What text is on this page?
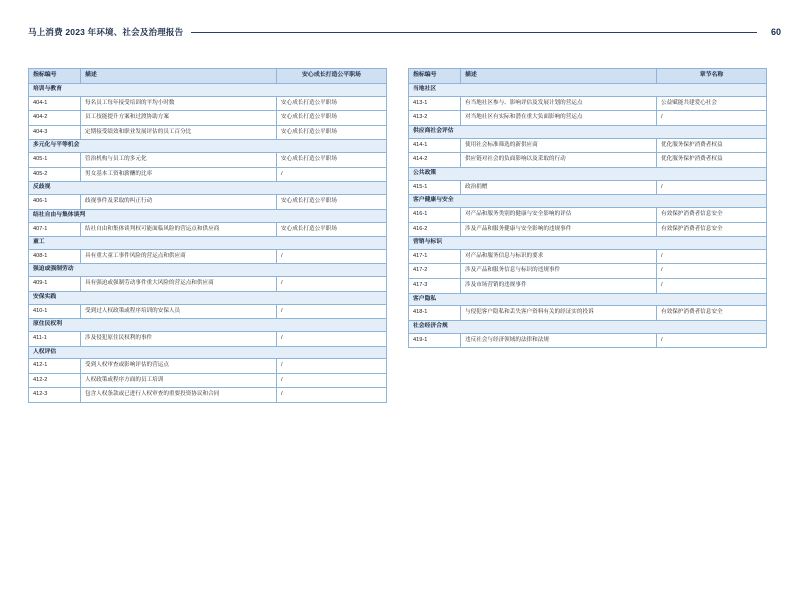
马上消费 2023 年环境、社会及治理报告	60
指标编号	描述	安心成长打造公平职场
培训与教育		
404-1	每名员工每年接受培训的平均小时数	安心成长打造公平职场
404-2	员工技能提升方案和过渡协助方案	安心成长打造公平职场
404-3	定期接受绩效和职业发展评估的员工百分比	安心成长打造公平职场
多元化与平等机会		
405-1	管治机构与员工的多元化	安心成长打造公平职场
405-2	男女基本工资和薪酬的比率	/
反歧视		
406-1	歧视事件及采取的纠正行动	安心成长打造公平职场
结社自由与集体谈判		
407-1	结社自由和集体谈判权可能面临风险的营运点和供应商	安心成长打造公平职场
童工		
408-1	具有重大童工事件风险的营运点和供应商	/
强迫或强制劳动		
409-1	具有强迫或强制劳动事件重大风险的营运点和供应商	/
安保实践		
410-1	受到过人权政策或程序培训的安保人员	/
原住民权利		
411-1	涉及侵犯原住民权利的事件	/
人权评估		
412-1	受到人权审查或影响评估的营运点	/
412-2	人权政策或程序方面的员工培训	/
412-3	包含人权条款或已进行人权审查的重要投资协议和合同	/
指标编号	描述	章节名称
当地社区		
413-1	有当地社区参与、影响评估及发展计划的营运点	公益赋能共建爱心社会
413-2	对当地社区有实际和潜在重大负面影响的营运点	/
供应商社会评估		
414-1	使用社会标准筛选的新供应商	优化服务保护消费者权益
414-2	供应链对社会的负面影响以及采取的行动	优化服务保护消费者权益
公共政策		
415-1	政治捐赠	/
客户健康与安全		
416-1	对产品和服务类别的健康与安全影响的评估	有效保护消费者信息安全
416-2	涉及产品和服务健康与安全影响的违规事件	有效保护消费者信息安全
营销与标识		
417-1	对产品和服务信息与标识的要求	/
417-2	涉及产品和服务信息与标识的违规事件	/
417-3	涉及市场营销的违规事件	/
客户隐私		
418-1	与侵犯客户隐私和丢失客户资料有关的经证实的投诉	有效保护消费者信息安全
社会经济合规		
419-1	违反社会与经济领域的法律和法规	/
